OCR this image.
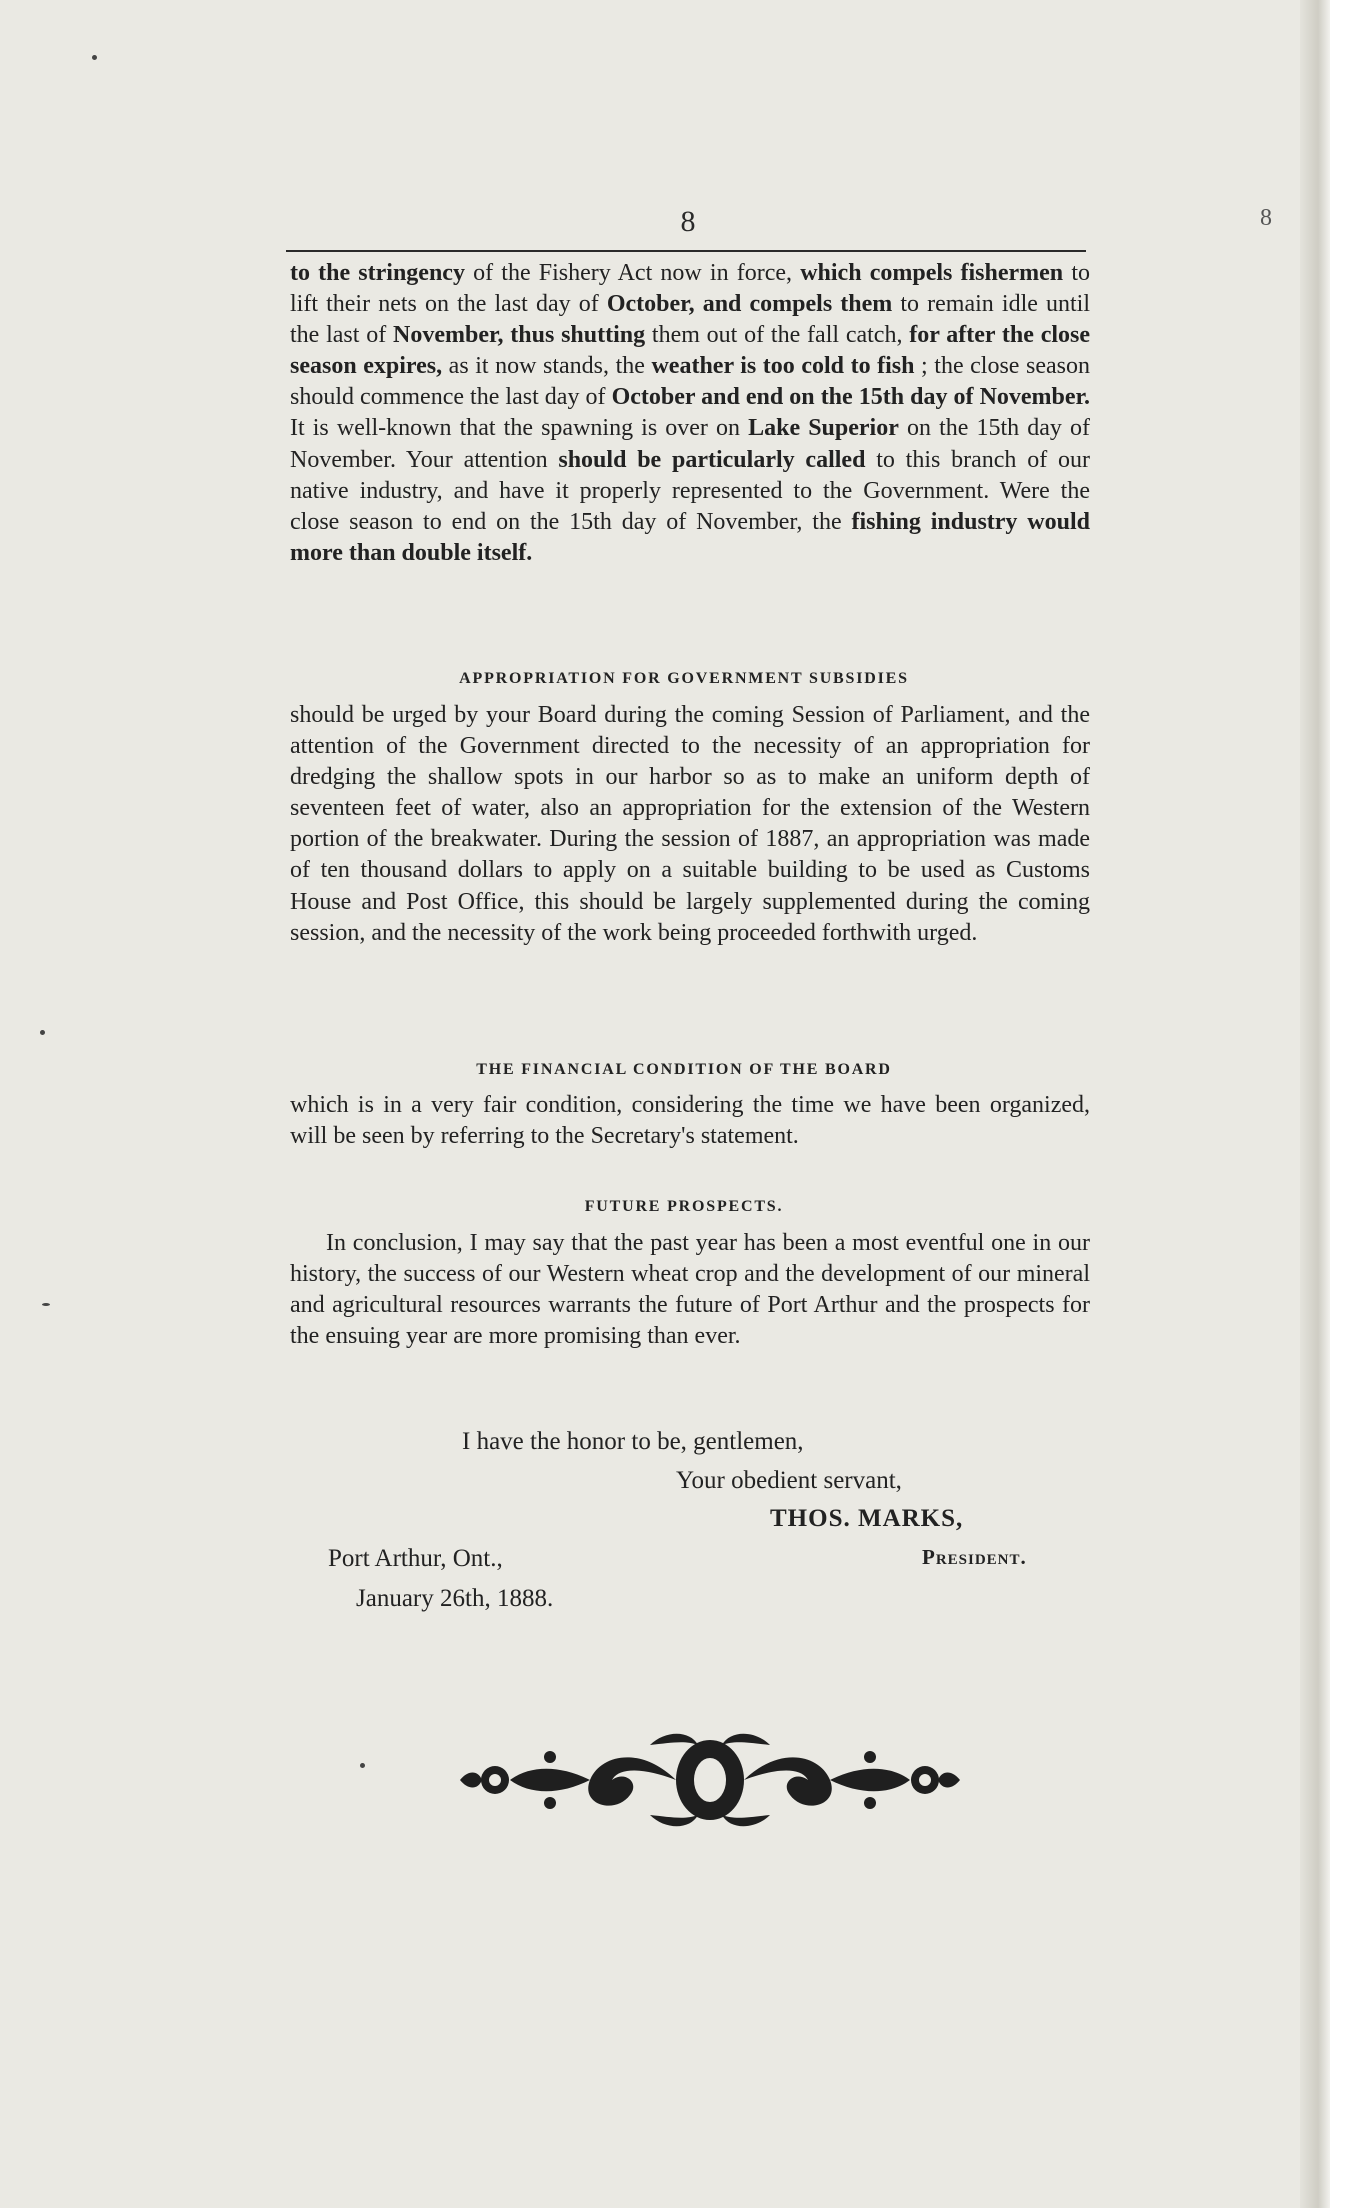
8
8

to the stringency of the Fishery Act now in force, which compels fishermen to lift their nets on the last day of October, and compels them to remain idle until the last of November, thus shutting them out of the fall catch, for after the close season expires, as it now stands, the weather is too cold to fish ; the close season should commence the last day of October and end on the 15th day of November. It is well-known that the spawning is over on Lake Superior on the 15th day of November. Your attention should be particularly called to this branch of our native industry, and have it properly represented to the Government. Were the close season to end on the 15th day of November, the fishing industry would more than double itself.

APPROPRIATION FOR GOVERNMENT SUBSIDIES

should be urged by your Board during the coming Session of Parliament, and the attention of the Government directed to the necessity of an appropriation for dredging the shallow spots in our harbor so as to make an uniform depth of seventeen feet of water, also an appropriation for the extension of the Western portion of the breakwater. During the session of 1887, an appropriation was made of ten thousand dollars to apply on a suitable building to be used as Customs House and Post Office, this should be largely supplemented during the coming session, and the necessity of the work being proceeded forthwith urged.

THE FINANCIAL CONDITION OF THE BOARD

which is in a very fair condition, considering the time we have been organized, will be seen by referring to the Secretary's statement.

FUTURE PROSPECTS.

In conclusion, I may say that the past year has been a most eventful one in our history, the success of our Western wheat crop and the development of our mineral and agricultural resources warrants the future of Port Arthur and the prospects for the ensuing year are more promising than ever.

I have the honor to be, gentlemen,
Your obedient servant,
THOS. MARKS,
President.
Port Arthur, Ont.,
January 26th, 1888.
